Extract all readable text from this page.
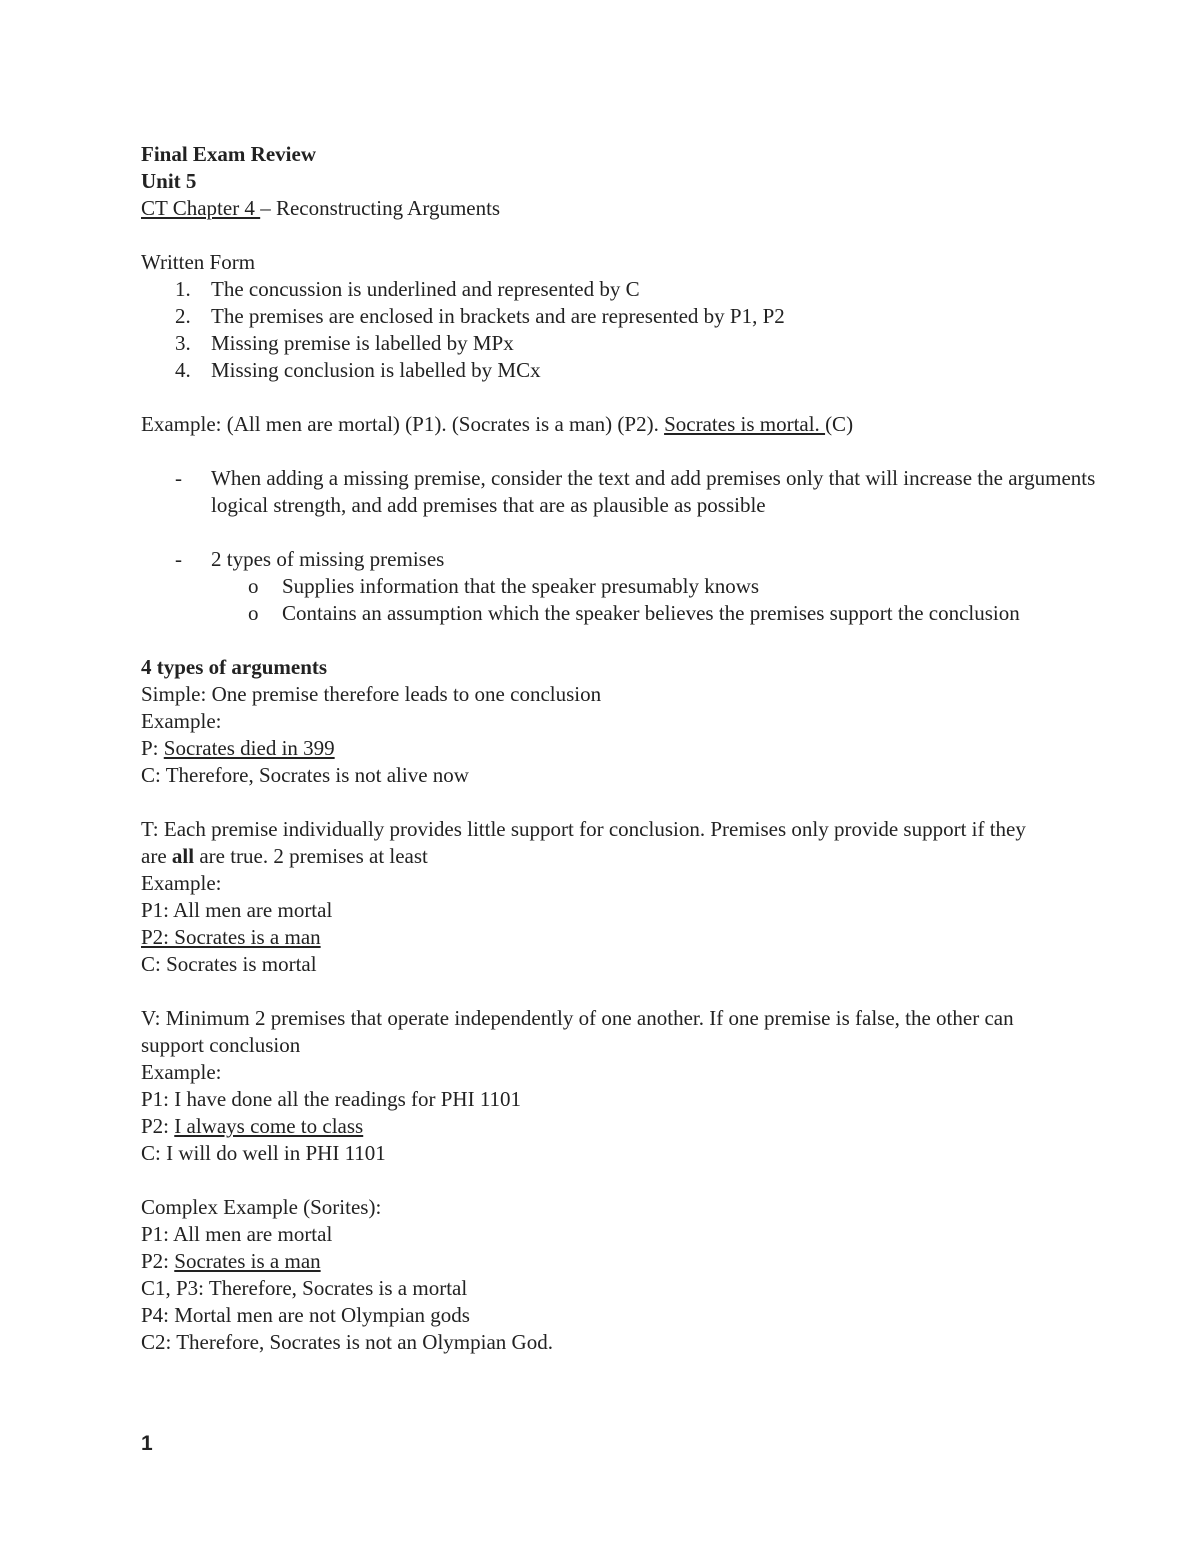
Final Exam Review

Unit 5

CT Chapter 4 – Reconstructing Arguments

Written Form

1. The concussion is underlined and represented by C

2. The premises are enclosed in brackets and are represented by P1, P2

3. Missing premise is labelled by MPx

4. Missing conclusion is labelled by MCx

Example: (All men are mortal) (P1). (Socrates is a man) (P2). Socrates is mortal. (C)

- When adding a missing premise, consider the text and add premises only that will increase the arguments logical strength, and add premises that are as plausible as possible

- 2 types of missing premises

o Supplies information that the speaker presumably knows

o Contains an assumption which the speaker believes the premises support the conclusion

4 types of arguments

Simple: One premise therefore leads to one conclusion

Example:

P: Socrates died in 399

C: Therefore, Socrates is not alive now

T: Each premise individually provides little support for conclusion. Premises only provide support if they are all are true. 2 premises at least

Example:

P1: All men are mortal

P2: Socrates is a man

C: Socrates is mortal

V: Minimum 2 premises that operate independently of one another. If one premise is false, the other can support conclusion

Example:

P1: I have done all the readings for PHI 1101

P2: I always come to class

C: I will do well in PHI 1101

Complex Example (Sorites):

P1: All men are mortal

P2: Socrates is a man

C1, P3: Therefore, Socrates is a mortal

P4: Mortal men are not Olympian gods

C2: Therefore, Socrates is not an Olympian God.

1
